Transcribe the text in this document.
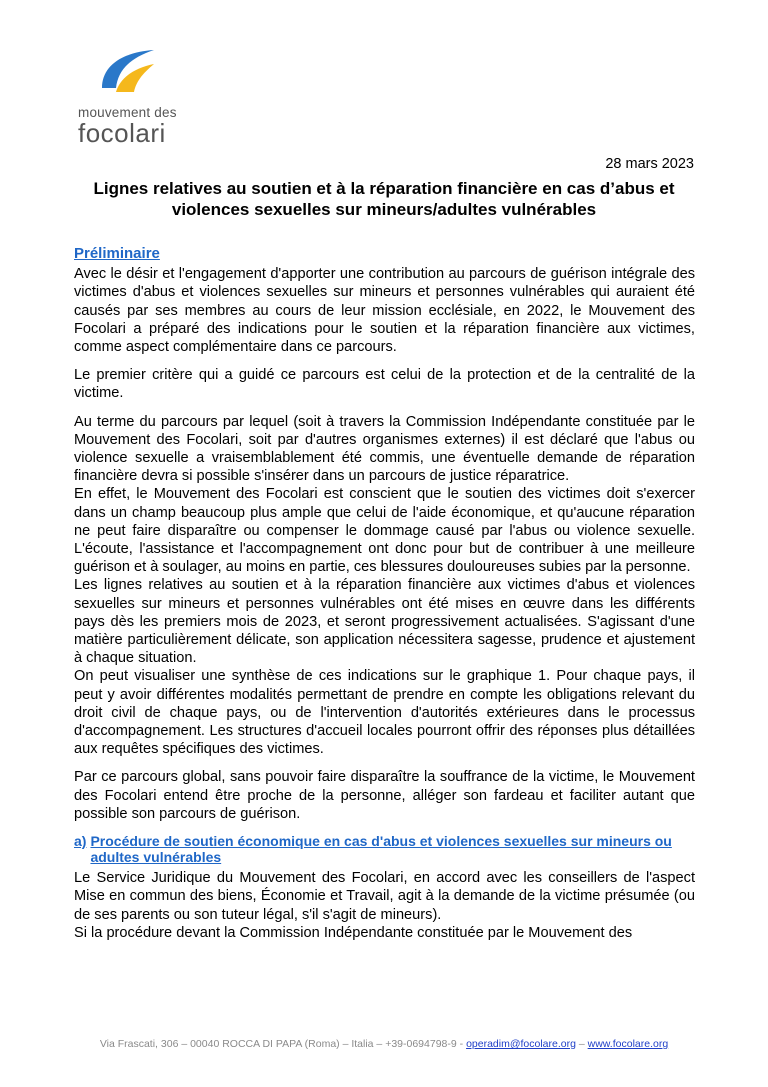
mouvement des
focolari
28 mars 2023
Lignes relatives au soutien et à la réparation financière en cas d’abus et violences sexuelles sur mineurs/adultes vulnérables
Préliminaire

Avec le désir et l'engagement d'apporter une contribution au parcours de guérison intégrale des victimes d'abus et violences sexuelles sur mineurs et personnes vulnérables qui auraient été causés par ses membres au cours de leur mission ecclésiale, en 2022, le Mouvement des Focolari a préparé des indications pour le soutien et la réparation financière aux victimes, comme aspect complémentaire dans ce parcours.

Le premier critère qui a guidé ce parcours est celui de la protection et de la centralité de la victime.

Au terme du parcours par lequel (soit à travers la Commission Indépendante constituée par le Mouvement des Focolari, soit par d'autres organismes externes) il est déclaré que l'abus ou violence sexuelle a vraisemblablement été commis, une éventuelle demande de réparation financière devra si possible s'insérer dans un parcours de justice réparatrice.

En effet, le Mouvement des Focolari est conscient que le soutien des victimes doit s'exercer dans un champ beaucoup plus ample que celui de l'aide économique, et qu'aucune réparation ne peut faire disparaître ou compenser le dommage causé par l'abus ou violence sexuelle. L'écoute, l'assistance et l'accompagnement ont donc pour but de contribuer à une meilleure guérison et à soulager, au moins en partie, ces blessures douloureuses subies par la personne.

Les lignes relatives au soutien et à la réparation financière aux victimes d'abus et violences sexuelles sur mineurs et personnes vulnérables ont été mises en œuvre dans les différents pays dès les premiers mois de 2023, et seront progressivement actualisées. S'agissant d'une matière particulièrement délicate, son application nécessitera sagesse, prudence et ajustement à chaque situation.

On peut visualiser une synthèse de ces indications sur le graphique 1. Pour chaque pays, il peut y avoir différentes modalités permettant de prendre en compte les obligations relevant du droit civil de chaque pays, ou de l'intervention d'autorités extérieures dans le processus d'accompagnement. Les structures d'accueil locales pourront offrir des réponses plus détaillées aux requêtes spécifiques des victimes.

Par ce parcours global, sans pouvoir faire disparaître la souffrance de la victime, le Mouvement des Focolari entend être proche de la personne, alléger son fardeau et faciliter autant que possible son parcours de guérison.

a) Procédure de soutien économique en cas d'abus et violences sexuelles sur mineurs ou adultes vulnérables

Le Service Juridique du Mouvement des Focolari, en accord avec les conseillers de l'aspect Mise en commun des biens, Économie et Travail, agit à la demande de la victime présumée (ou de ses parents ou son tuteur légal, s'il s'agit de mineurs).

Si la procédure devant la Commission Indépendante constituée par le Mouvement des

Via Frascati, 306 – 00040 ROCCA DI PAPA (Roma) – Italia – +39-0694798-9 - operadim@focolare.org – www.focolare.org
